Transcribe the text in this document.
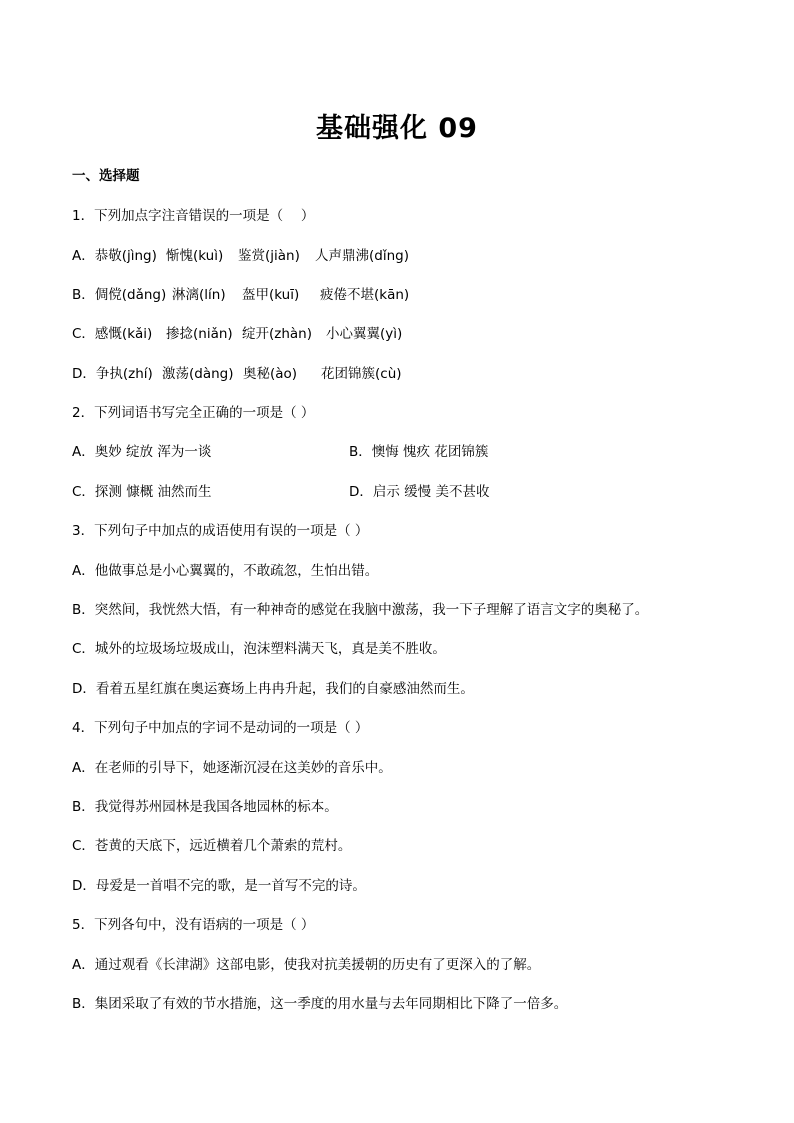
基础强化 09
一、选择题
1．下列加点字注音错误的一项是（　 ）
A．恭敬(jìng) 惭愧(kuì) 鉴赏(jiàn) 人声鼎沸(dǐng)
B．倜傥(dǎng) 淋漓(lín) 盔甲(kuī) 疲倦不堪(kān)
C．感慨(kǎi) 掺捻(niǎn) 绽开(zhàn) 小心翼翼(yì)
D．争执(zhí) 激荡(dàng) 奥秘(ào) 花团锦簇(cù)
2．下列词语书写完全正确的一项是（ ）
A．奥妙 绽放 浑为一谈	B．懊悔 愧疚 花团锦簇
C．探测 慷概 油然而生	D．启示 缓慢 美不甚收
3．下列句子中加点的成语使用有误的一项是（ ）
A．他做事总是小心翼翼的，不敢疏忽，生怕出错。
B．突然间，我恍然大悟，有一种神奇的感觉在我脑中激荡，我一下子理解了语言文字的奥秘了。
C．城外的垃圾场垃圾成山，泡沫塑料满天飞，真是美不胜收。
D．看着五星红旗在奥运赛场上冉冉升起，我们的自豪感油然而生。
4．下列句子中加点的字词不是动词的一项是（ ）
A．在老师的引导下，她逐渐沉浸在这美妙的音乐中。
B．我觉得苏州园林是我国各地园林的标本。
C．苍黄的天底下，远近横着几个萧索的荒村。
D．母爱是一首唱不完的歌，是一首写不完的诗。
5．下列各句中，没有语病的一项是（ ）
A．通过观看《长津湖》这部电影，使我对抗美援朝的历史有了更深入的了解。
B．集团采取了有效的节水措施，这一季度的用水量与去年同期相比下降了一倍多。
